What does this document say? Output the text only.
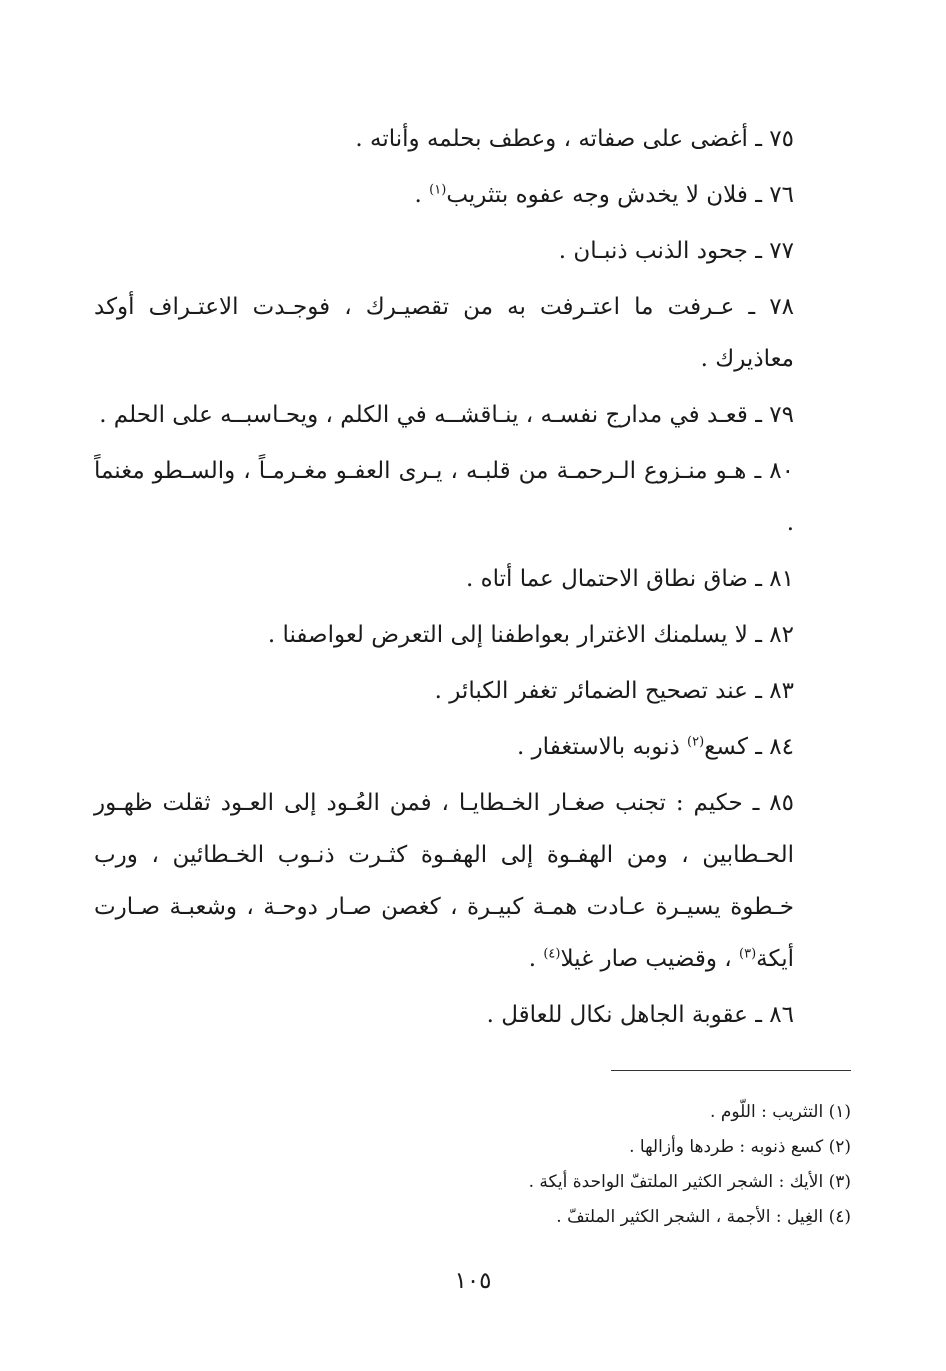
٧٥ ـ أغضى على صفاته ، وعطف بحلمه وأناته .

٧٦ ـ فلان لا يخدش وجه عفوه بتثريب$^{(١)}$ .

٧٧ ـ جحود الذنب ذنبـان .

٧٨ ـ عـرفت ما اعتـرفت به من تقصيـرك ، فوجـدت الاعتـراف أوكد معاذيرك .

٧٩ ـ قعـد في مدارج نفسـه ، ينـاقشــه في الكلم ، ويحـاسبــه على الحلم .

٨٠ ـ هـو منـزوع الـرحمـة من قلبـه ، يـرى العفـو مغـرمـاً ، والسـطو مغنماً .

٨١ ـ ضاق نطاق الاحتمال عما أتاه .

٨٢ ـ لا يسلمنك الاغترار بعواطفنا إلى التعرض لعواصفنا .

٨٣ ـ عند تصحيح الضمائر تغفر الكبائر .

٨٤ ـ كسع$^{(٢)}$ ذنوبه بالاستغفار .

٨٥ ـ حكيم : تجنب صغـار الخـطايـا ، فمن العُـود إلى العـود ثقلت ظهـور الحـطابين ، ومن الهفـوة إلى الهفـوة كثـرت ذنـوب الخـطائين ، ورب خـطوة يسيـرة عـادت همـة كبيـرة ، كغصن صـار دوحـة ، وشعبـة صـارت أيكة$^{(٣)}$ ، وقضيب صار غيلا$^{(٤)}$ .

٨٦ ـ عقوبة الجاهل نكال للعاقل .

(١) التثريب : اللّوم .

(٢) كسع ذنوبه : طردها وأزالها .

(٣) الأيك : الشجر الكثير الملتفّ الواحدة أيكة .

(٤) الغِيل : الأجمة ، الشجر الكثير الملتفّ .

١٠٥
